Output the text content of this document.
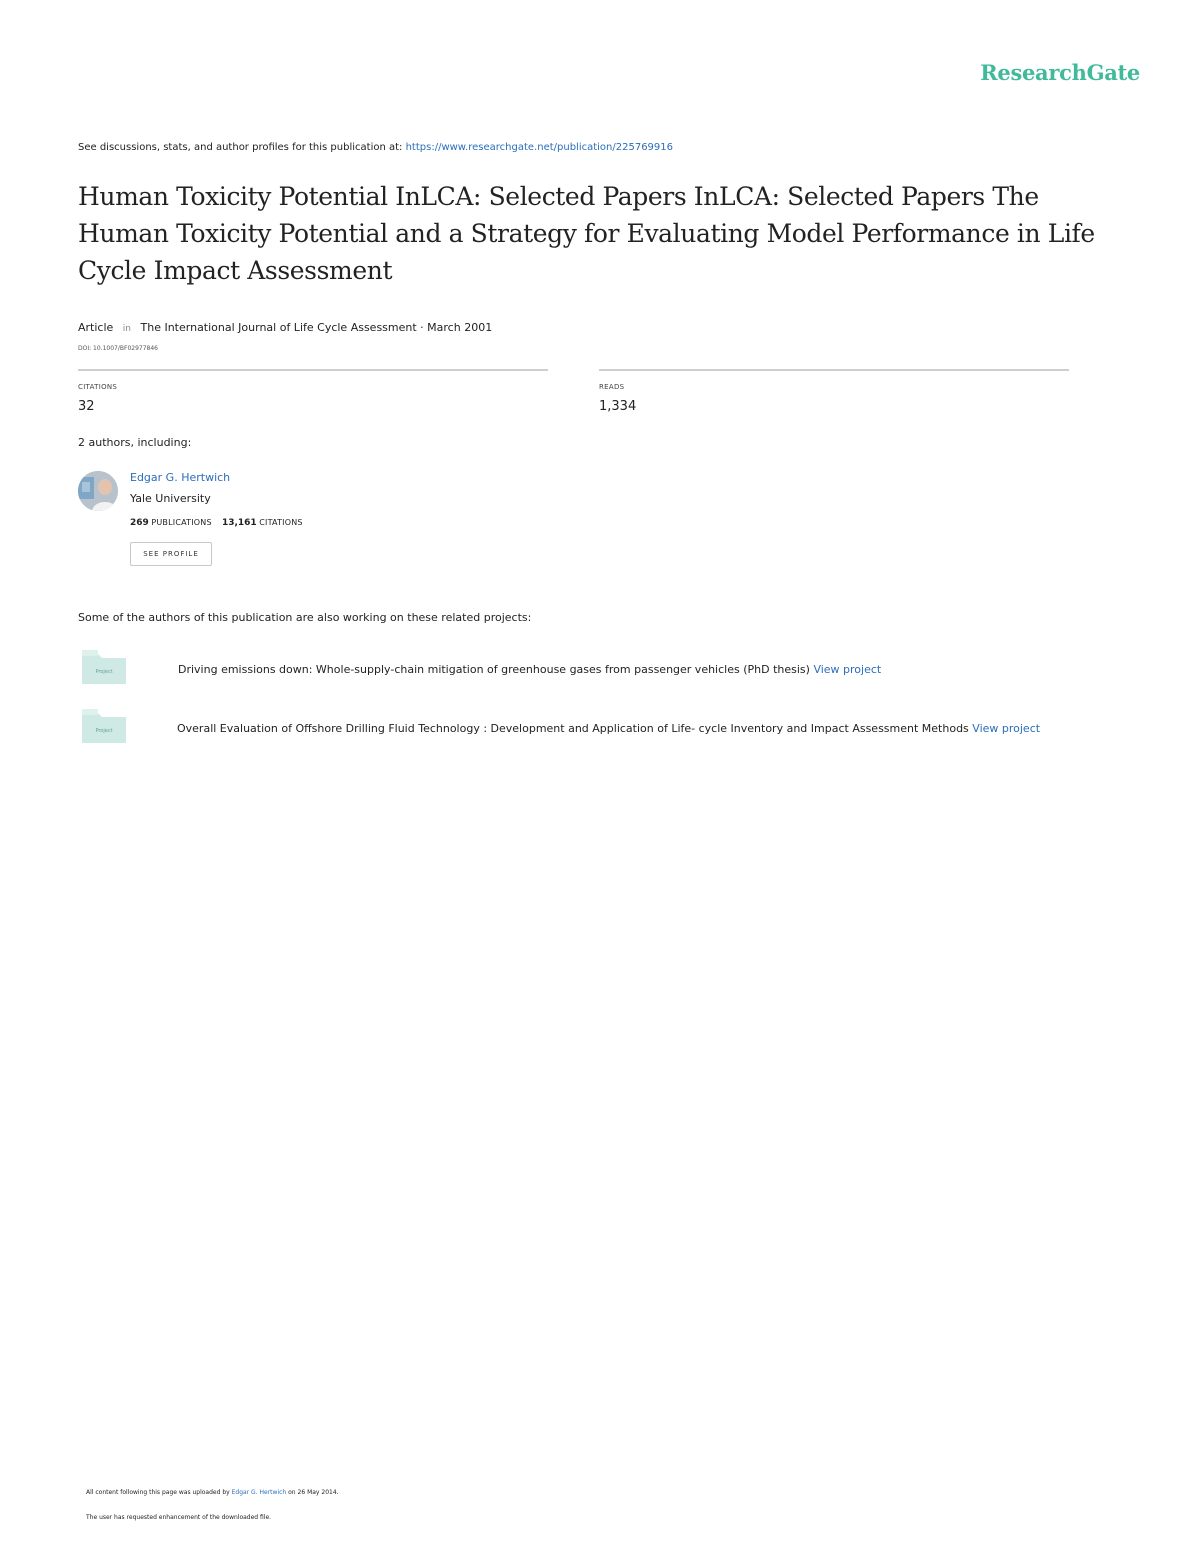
ResearchGate
See discussions, stats, and author profiles for this publication at: https://www.researchgate.net/publication/225769916
Human Toxicity Potential InLCA: Selected Papers InLCA: Selected Papers The Human Toxicity Potential and a Strategy for Evaluating Model Performance in Life Cycle Impact Assessment
Article in The International Journal of Life Cycle Assessment · March 2001
DOI: 10.1007/BF02977846
CITATIONS
32
READS
1,334
2 authors, including:
Edgar G. Hertwich
Yale University
269 PUBLICATIONS 13,161 CITATIONS
SEE PROFILE
Some of the authors of this publication are also working on these related projects:
Project	Driving emissions down: Whole-supply-chain mitigation of greenhouse gases from passenger vehicles (PhD thesis) View project
Project	Overall Evaluation of Offshore Drilling Fluid Technology : Development and Application of Life- cycle Inventory and Impact Assessment Methods View project
All content following this page was uploaded by Edgar G. Hertwich on 26 May 2014.
The user has requested enhancement of the downloaded file.
